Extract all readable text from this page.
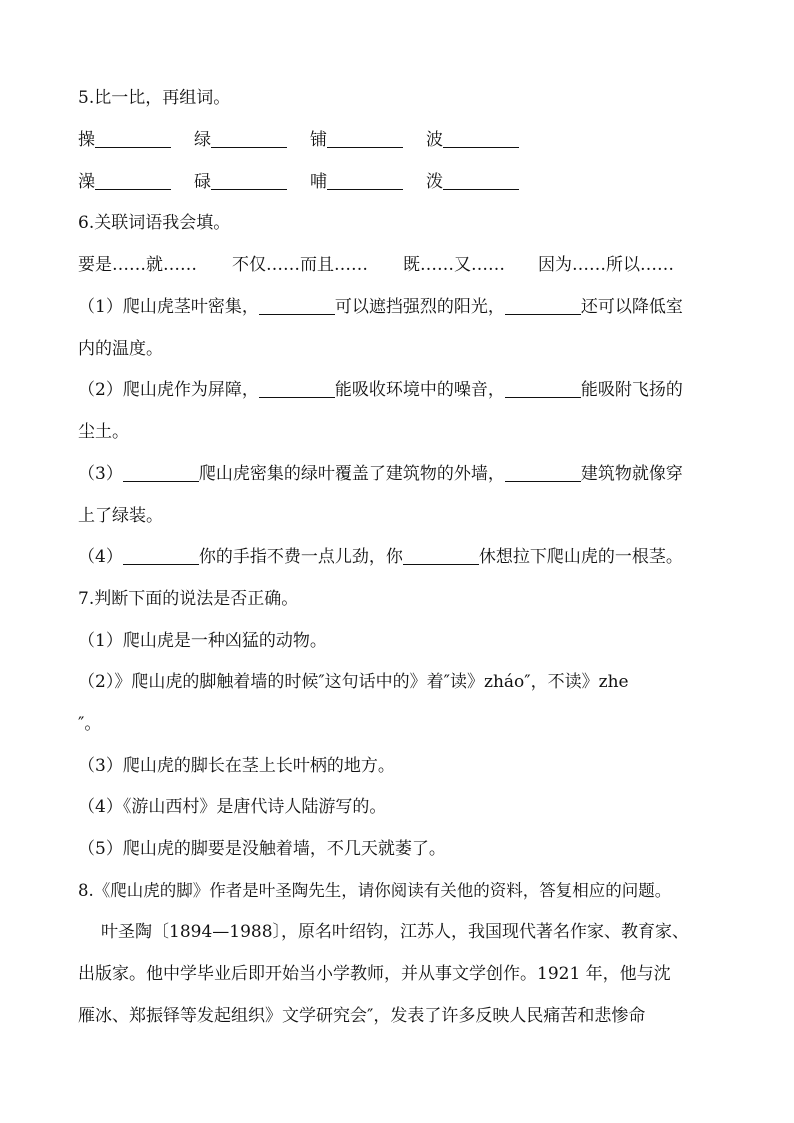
5.比一比，再组词。
操	绿	铺	波
澡	碌	哺	泼
6.关联词语我会填。
要是……就…… 不仅……而且…… 既……又…… 因为……所以……
（1）爬山虎茎叶密集，	可以遮挡强烈的阳光，	还可以降低室
内的温度。
（2）爬山虎作为屏障，	能吸收环境中的噪音，	能吸附飞扬的
尘土。
（3）	爬山虎密集的绿叶覆盖了建筑物的外墙，	建筑物就像穿
上了绿装。
（4）	你的手指不费一点儿劲，你	休想拉下爬山虎的一根茎。
7.判断下面的说法是否正确。
（1）爬山虎是一种凶猛的动物。
（2）》爬山虎的脚触着墙的时候″这句话中的》着″读》zháo″，不读》zhe
″。
（3）爬山虎的脚长在茎上长叶柄的地方。
（4）《游山西村》是唐代诗人陆游写的。
（5）爬山虎的脚要是没触着墙，不几天就萎了。
8.《爬山虎的脚》作者是叶圣陶先生，请你阅读有关他的资料，答复相应的问题。
叶圣陶〔1894—1988〕，原名叶绍钧，江苏人，我国现代著名作家、教育家、
出版家。他中学毕业后即开始当小学教师，并从事文学创作。1921 年，他与沈
雁冰、郑振铎等发起组织》文学研究会″，发表了许多反映人民痛苦和悲惨命
